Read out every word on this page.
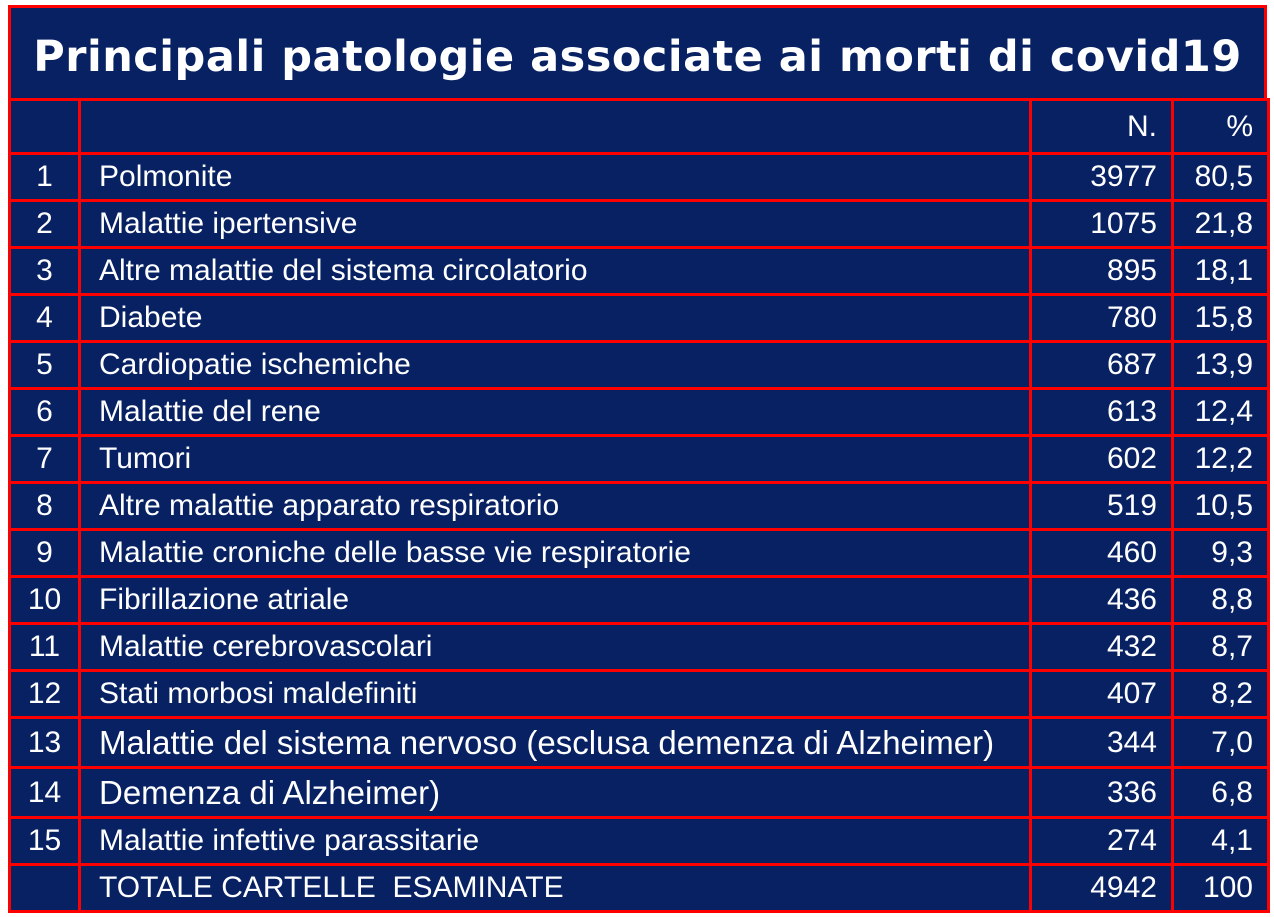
Principali patologie associate ai morti di covid19
		N.	%
1	Polmonite	3977	80,5
2	Malattie ipertensive	1075	21,8
3	Altre malattie del sistema circolatorio	895	18,1
4	Diabete	780	15,8
5	Cardiopatie ischemiche	687	13,9
6	Malattie del rene	613	12,4
7	Tumori	602	12,2
8	Altre malattie apparato respiratorio	519	10,5
9	Malattie croniche delle basse vie respiratorie	460	9,3
10	Fibrillazione atriale	436	8,8
11	Malattie cerebrovascolari	432	8,7
12	Stati morbosi maldefiniti	407	8,2
13	Malattie del sistema nervoso (esclusa demenza di Alzheimer)	344	7,0
14	Demenza di Alzheimer)	336	6,8
15	Malattie infettive parassitarie	274	4,1
	TOTALE CARTELLE  ESAMINATE	4942	100
